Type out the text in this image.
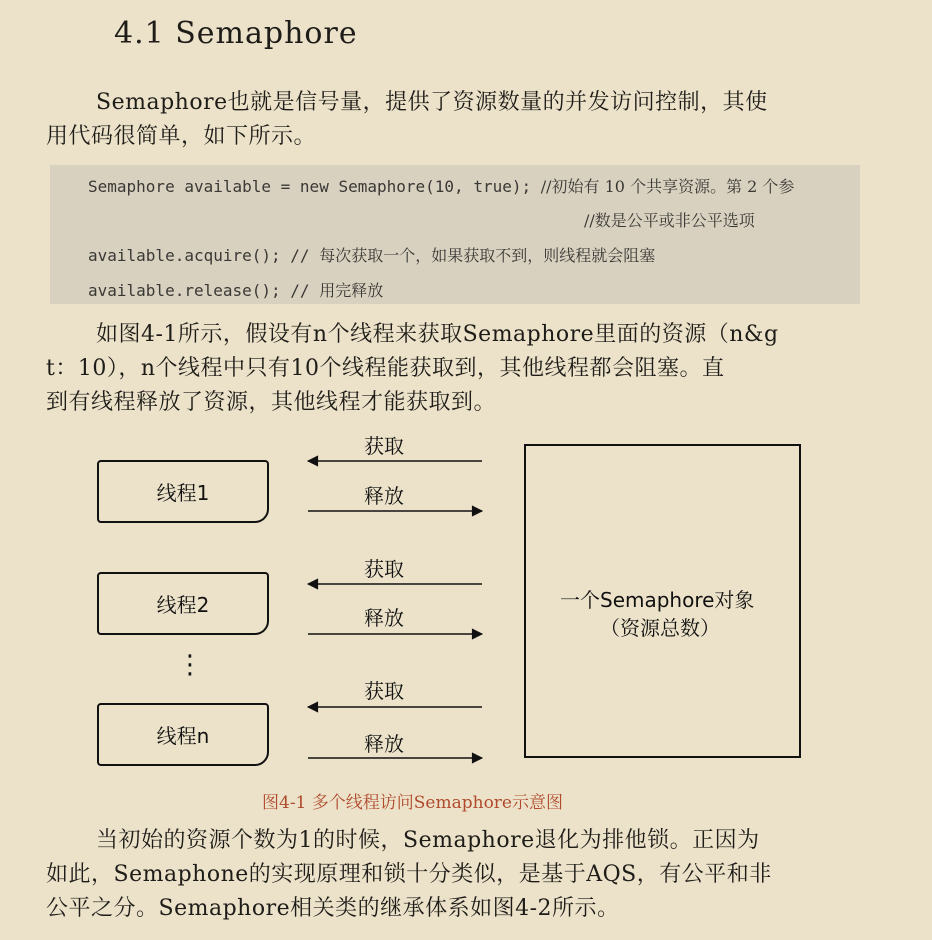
4.1 Semaphore
Semaphore也就是信号量，提供了资源数量的并发访问控制，其使
用代码很简单，如下所示。
Semaphore available = new Semaphore(10, true); //初始有 10 个共享资源。第 2 个参
//数是公平或非公平选项
available.acquire(); // 每次获取一个，如果获取不到，则线程就会阻塞
available.release(); // 用完释放
如图4-1所示，假设有n个线程来获取Semaphore里面的资源（n&g
t：10），n个线程中只有10个线程能获取到，其他线程都会阻塞。直
到有线程释放了资源，其他线程才能获取到。
线程1
线程2
⋮
线程n
获取
释放
获取
释放
获取
释放
一个Semaphore对象
（资源总数）
图4-1 多个线程访问Semaphore示意图
当初始的资源个数为1的时候，Semaphore退化为排他锁。正因为
如此，Semaphone的实现原理和锁十分类似，是基于AQS，有公平和非
公平之分。Semaphore相关类的继承体系如图4-2所示。
